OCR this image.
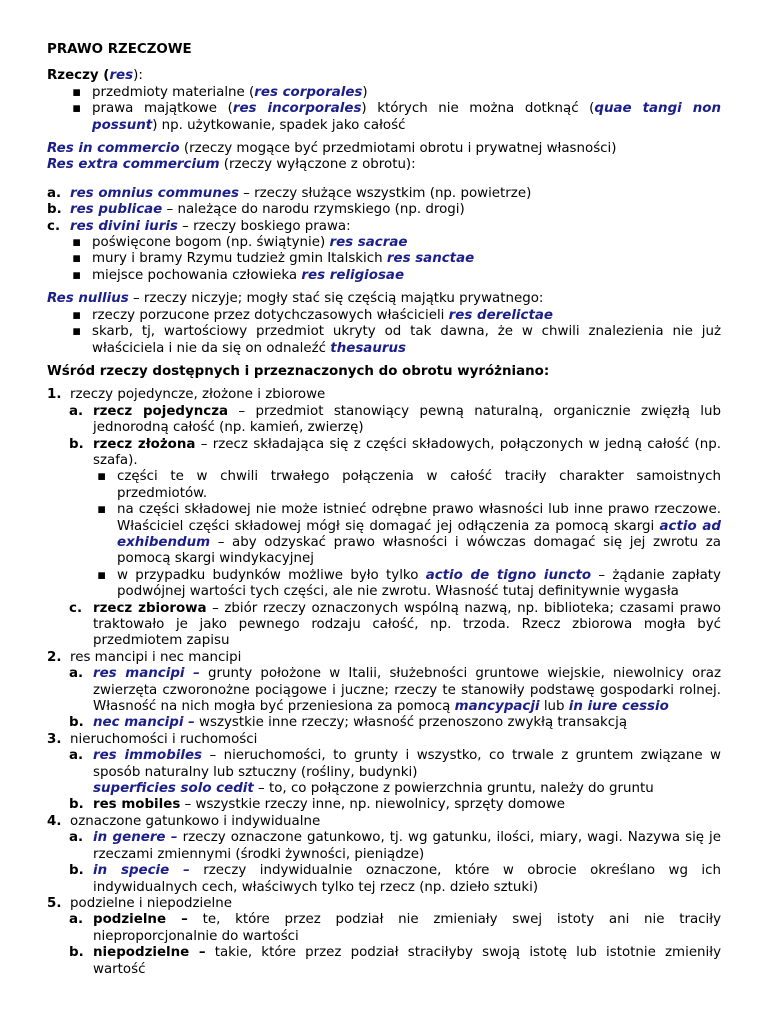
PRAWO RZECZOWE
Rzeczy (res):
▪ przedmioty materialne (res corporales)
▪ prawa majątkowe (res incorporales) których nie można dotknąć (quae tangi non possunt) np. użytkowanie, spadek jako całość
Res in commercio (rzeczy mogące być przedmiotami obrotu i prywatnej własności)
Res extra commercium (rzeczy wyłączone z obrotu):
a. res omnius communes – rzeczy służące wszystkim (np. powietrze)
b. res publicae – należące do narodu rzymskiego (np. drogi)
c. res divini iuris – rzeczy boskiego prawa:
▪ poświęcone bogom (np. świątynie) res sacrae
▪ mury i bramy Rzymu tudzież gmin Italskich res sanctae
▪ miejsce pochowania człowieka res religiosae
Res nullius – rzeczy niczyje; mogły stać się częścią majątku prywatnego:
▪ rzeczy porzucone przez dotychczasowych właścicieli res derelictae
▪ skarb, tj, wartościowy przedmiot ukryty od tak dawna, że w chwili znalezienia nie już właściciela i nie da się on odnaleźć thesaurus
Wśród rzeczy dostępnych i przeznaczonych do obrotu wyróżniano:
1. rzeczy pojedyncze, złożone i zbiorowe
a. rzecz pojedyncza – przedmiot stanowiący pewną naturalną, organicznie zwięzłą lub jednorodną całość (np. kamień, zwierzę)
b. rzecz złożona – rzecz składająca się z części składowych, połączonych w jedną całość (np. szafa).
▪ części te w chwili trwałego połączenia w całość traciły charakter samoistnych przedmiotów.
▪ na części składowej nie może istnieć odrębne prawo własności lub inne prawo rzeczowe. Właściciel części składowej mógł się domagać jej odłączenia za pomocą skargi actio ad exhibendum – aby odzyskać prawo własności i wówczas domagać się jej zwrotu za pomocą skargi windykacyjnej
▪ w przypadku budynków możliwe było tylko actio de tigno iuncto – żądanie zapłaty podwójnej wartości tych części, ale nie zwrotu. Własność tutaj definitywnie wygasła
c. rzecz zbiorowa – zbiór rzeczy oznaczonych wspólną nazwą, np. biblioteka; czasami prawo traktowało je jako pewnego rodzaju całość, np. trzoda. Rzecz zbiorowa mogła być przedmiotem zapisu
2. res mancipi i nec mancipi
a. res mancipi – grunty położone w Italii, służebności gruntowe wiejskie, niewolnicy oraz zwierzęta czworonożne pociągowe i juczne; rzeczy te stanowiły podstawę gospodarki rolnej. Własność na nich mogła być przeniesiona za pomocą mancypacji lub in iure cessio
b. nec mancipi – wszystkie inne rzeczy; własność przenoszono zwykłą transakcją
3. nieruchomości i ruchomości
a. res immobiles – nieruchomości, to grunty i wszystko, co trwale z gruntem związane w sposób naturalny lub sztuczny (rośliny, budynki)
superficies solo cedit – to, co połączone z powierzchnia gruntu, należy do gruntu
b. res mobiles – wszystkie rzeczy inne, np. niewolnicy, sprzęty domowe
4. oznaczone gatunkowo i indywidualne
a. in genere – rzeczy oznaczone gatunkowo, tj. wg gatunku, ilości, miary, wagi. Nazywa się je rzeczami zmiennymi (środki żywności, pieniądze)
b. in specie – rzeczy indywidualnie oznaczone, które w obrocie określano wg ich indywidualnych cech, właściwych tylko tej rzecz (np. dzieło sztuki)
5. podzielne i niepodzielne
a. podzielne – te, które przez podział nie zmieniały swej istoty ani nie traciły nieproporcjonalnie do wartości
b. niepodzielne – takie, które przez podział straciłyby swoją istotę lub istotnie zmieniły wartość
